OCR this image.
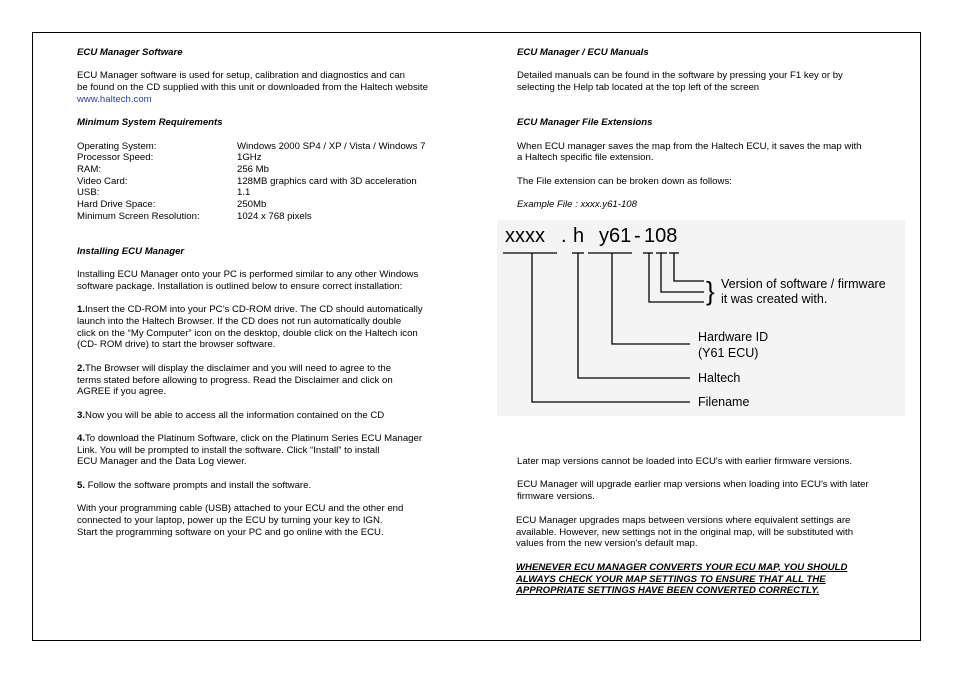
ECU Manager Software

ECU Manager software is used for setup, calibration and diagnostics and can

be found on the CD supplied with this unit or downloaded from the Haltech website

www.haltech.com

Minimum System Requirements
Operating System:	Windows 2000 SP4 / XP / Vista / Windows 7
Processor Speed:	1GHz
RAM:	256 Mb
Video Card:	128MB graphics card with 3D acceleration
USB:	1.1
Hard Drive Space:	250Mb
Minimum Screen Resolution:	1024 x 768 pixels
Installing ECU Manager

Installing ECU Manager onto your PC is performed similar to any other Windows

software package. Installation is outlined below to ensure correct installation:

1.Insert the CD-ROM into your PC’s CD-ROM drive. The CD should automatically

launch into the Haltech Browser. If the CD does not run automatically double

click on the “My Computer” icon on the desktop, double click on the Haltech icon

(CD- ROM drive) to start the browser software.

2.The Browser will display the disclaimer and you will need to agree to the

terms stated before allowing to progress. Read the Disclaimer and click on

AGREE if you agree.

3.Now you will be able to access all the information contained on the CD

4.To download the Platinum Software, click on the Platinum Series ECU Manager

Link. You will be prompted to install the software. Click “Install” to install

ECU Manager and the Data Log viewer.

5. Follow the software prompts and install the software.

With your programming cable (USB) attached to your ECU and the other end

connected to your laptop, power up the ECU by turning your key to IGN.

Start the programming software on your PC and go online with the ECU.

ECU Manager / ECU Manuals

Detailed manuals can be found in the software by pressing your F1 key or by

selecting the Help tab located at the top left of the screen

ECU Manager File Extensions

When ECU manager saves the map from the Haltech ECU, it saves the map with

a Haltech specific file extension.

The File extension can be broken down as follows:

Example File : xxxx.y61-108

xxxx . h y61 - 108
} Version of software / firmware
it was created with.
Hardware ID
(Y61 ECU)
Haltech
Filename

Later map versions cannot be loaded into ECU's with earlier firmware versions.

ECU Manager will upgrade earlier map versions when loading into ECU's with later

firmware versions.

ECU Manager upgrades maps between versions where equivalent settings are

available. However, new settings not in the original map, will be substituted with

values from the new version's default map.

WHENEVER ECU MANAGER CONVERTS YOUR ECU MAP, YOU SHOULD

ALWAYS CHECK YOUR MAP SETTINGS TO ENSURE THAT ALL THE

APPROPRIATE SETTINGS HAVE BEEN CONVERTED CORRECTLY.
